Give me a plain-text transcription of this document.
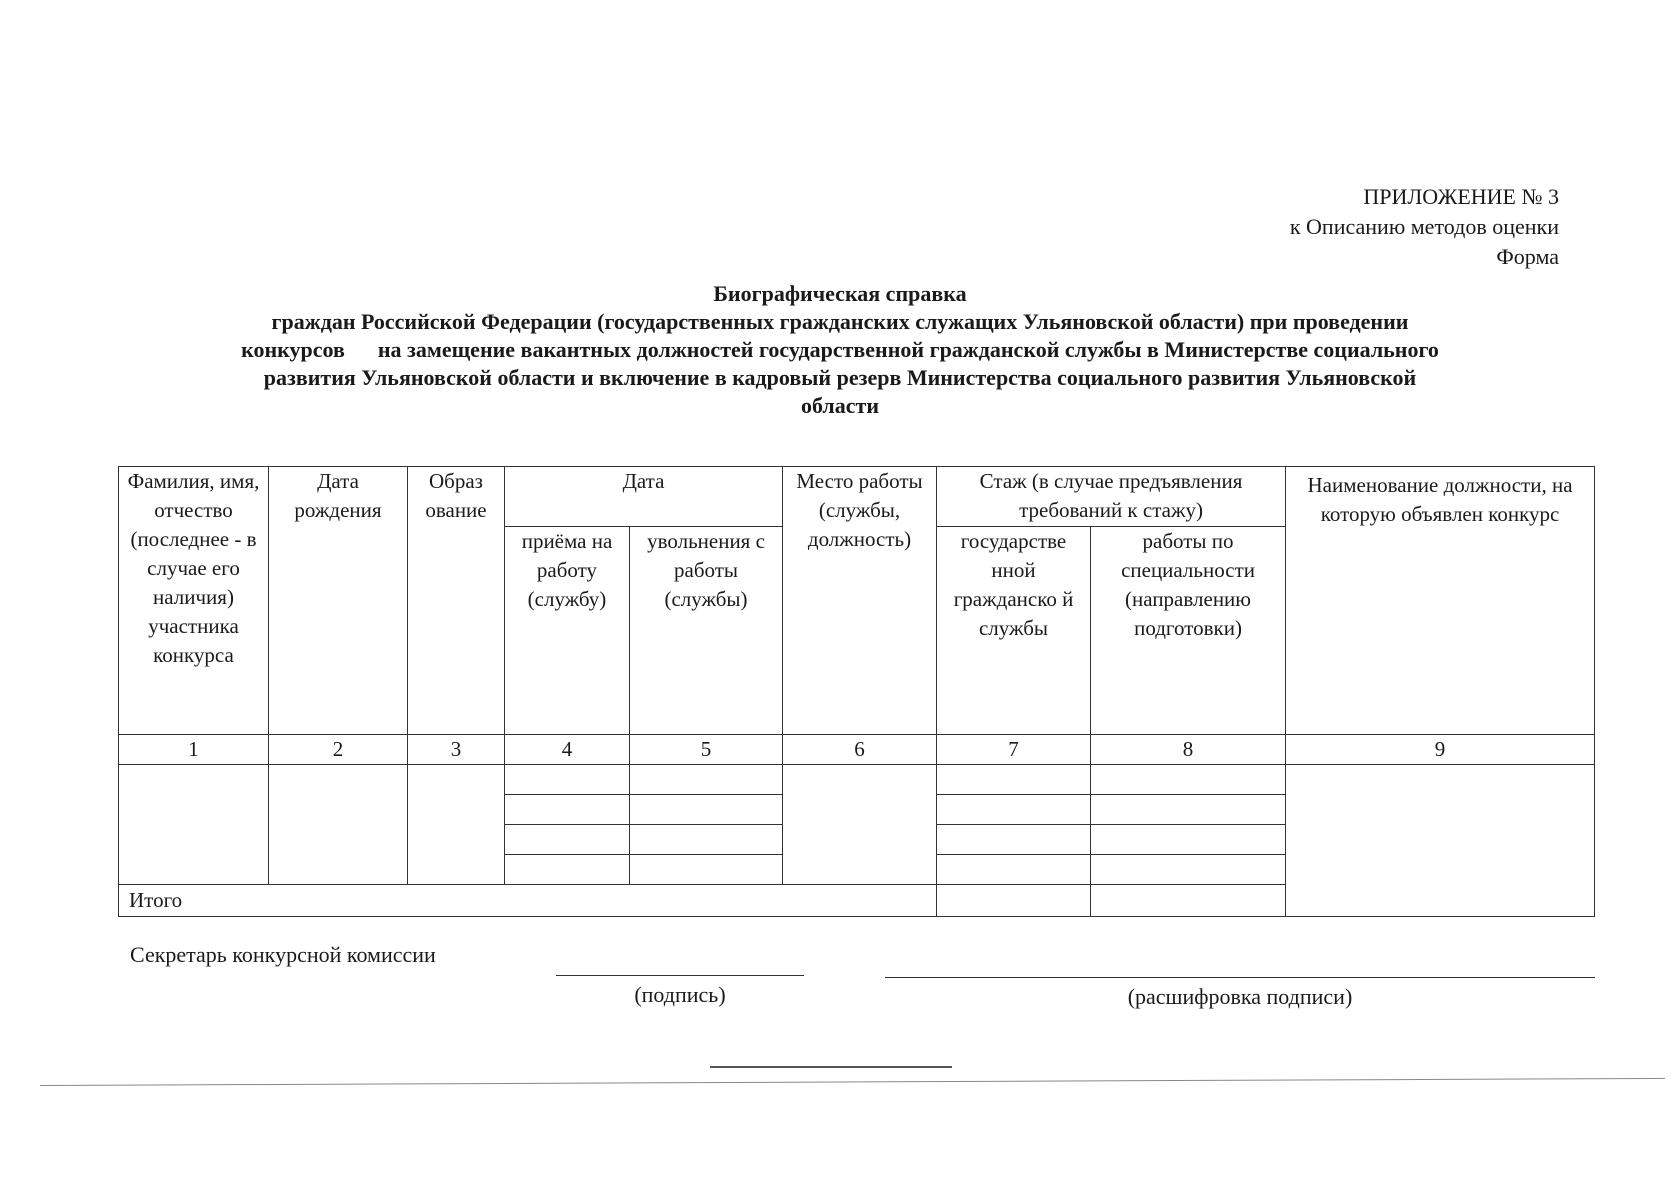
ПРИЛОЖЕНИЕ № 3
к Описанию методов оценки
Форма
Биографическая справка
граждан Российской Федерации (государственных гражданских служащих Ульяновской области) при проведении
конкурсов      на замещение вакантных должностей государственной гражданской службы в Министерстве социального
развития Ульяновской области и включение в кадровый резерв Министерства социального развития Ульяновской
области
Фамилия, имя, отчество (последнее - в случае его наличия) участника конкурса	Дата рождения	Образ ование	Дата		Место работы (службы, должность)	Стаж (в случае предъявления требований к стажу)		Наименование должности, на которую объявлен конкурс
			приёма на работу (службу)	увольнения с работы (службы)		государстве нной гражданско й службы	работы по специальности (направлению подготовки)	
1	2	3	4	5	6	7	8	9

Итого								
Секретарь конкурсной комиссии
(подпись)	(расшифровка подписи)
